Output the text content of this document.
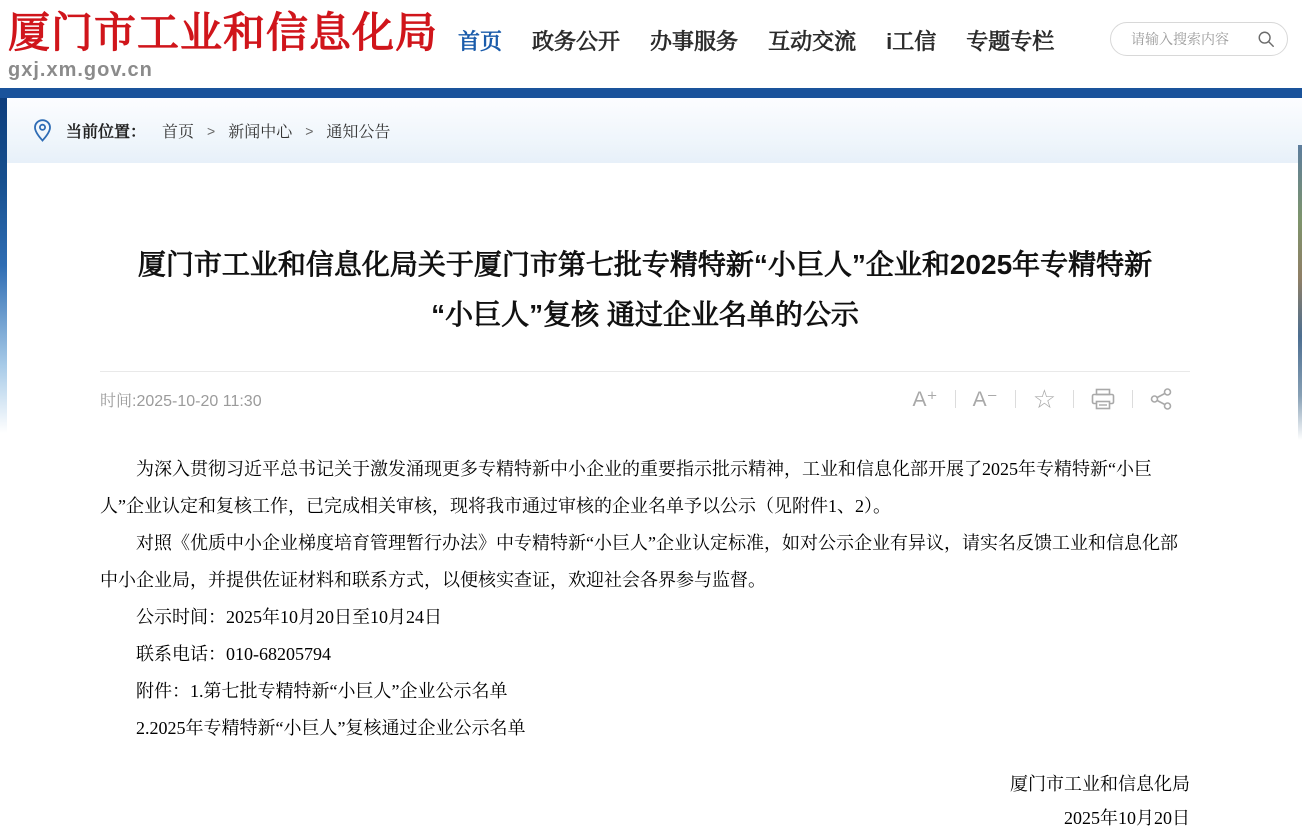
厦门市工业和信息化局
gxj.xm.gov.cn
首页 政务公开 办事服务 互动交流 i工信 专题专栏
请输入搜索内容
当前位置： 首页 > 新闻中心 > 通知公告
厦门市工业和信息化局关于厦门市第七批专精特新“小巨人”企业和2025年专精特新
“小巨人”复核 通过企业名单的公示
时间:2025-10-20 11:30	A⁺	A⁻	☆

为深入贯彻习近平总书记关于激发涌现更多专精特新中小企业的重要指示批示精神，工业和信息化部开展了2025年专精特新“小巨人”企业认定和复核工作，已完成相关审核，现将我市通过审核的企业名单予以公示（见附件1、2）。

对照《优质中小企业梯度培育管理暂行办法》中专精特新“小巨人”企业认定标准，如对公示企业有异议，请实名反馈工业和信息化部中小企业局，并提供佐证材料和联系方式，以便核实查证，欢迎社会各界参与监督。

公示时间：2025年10月20日至10月24日

联系电话：010-68205794

附件：1.第七批专精特新“小巨人”企业公示名单

2.2025年专精特新“小巨人”复核通过企业公示名单

厦门市工业和信息化局
2025年10月20日
